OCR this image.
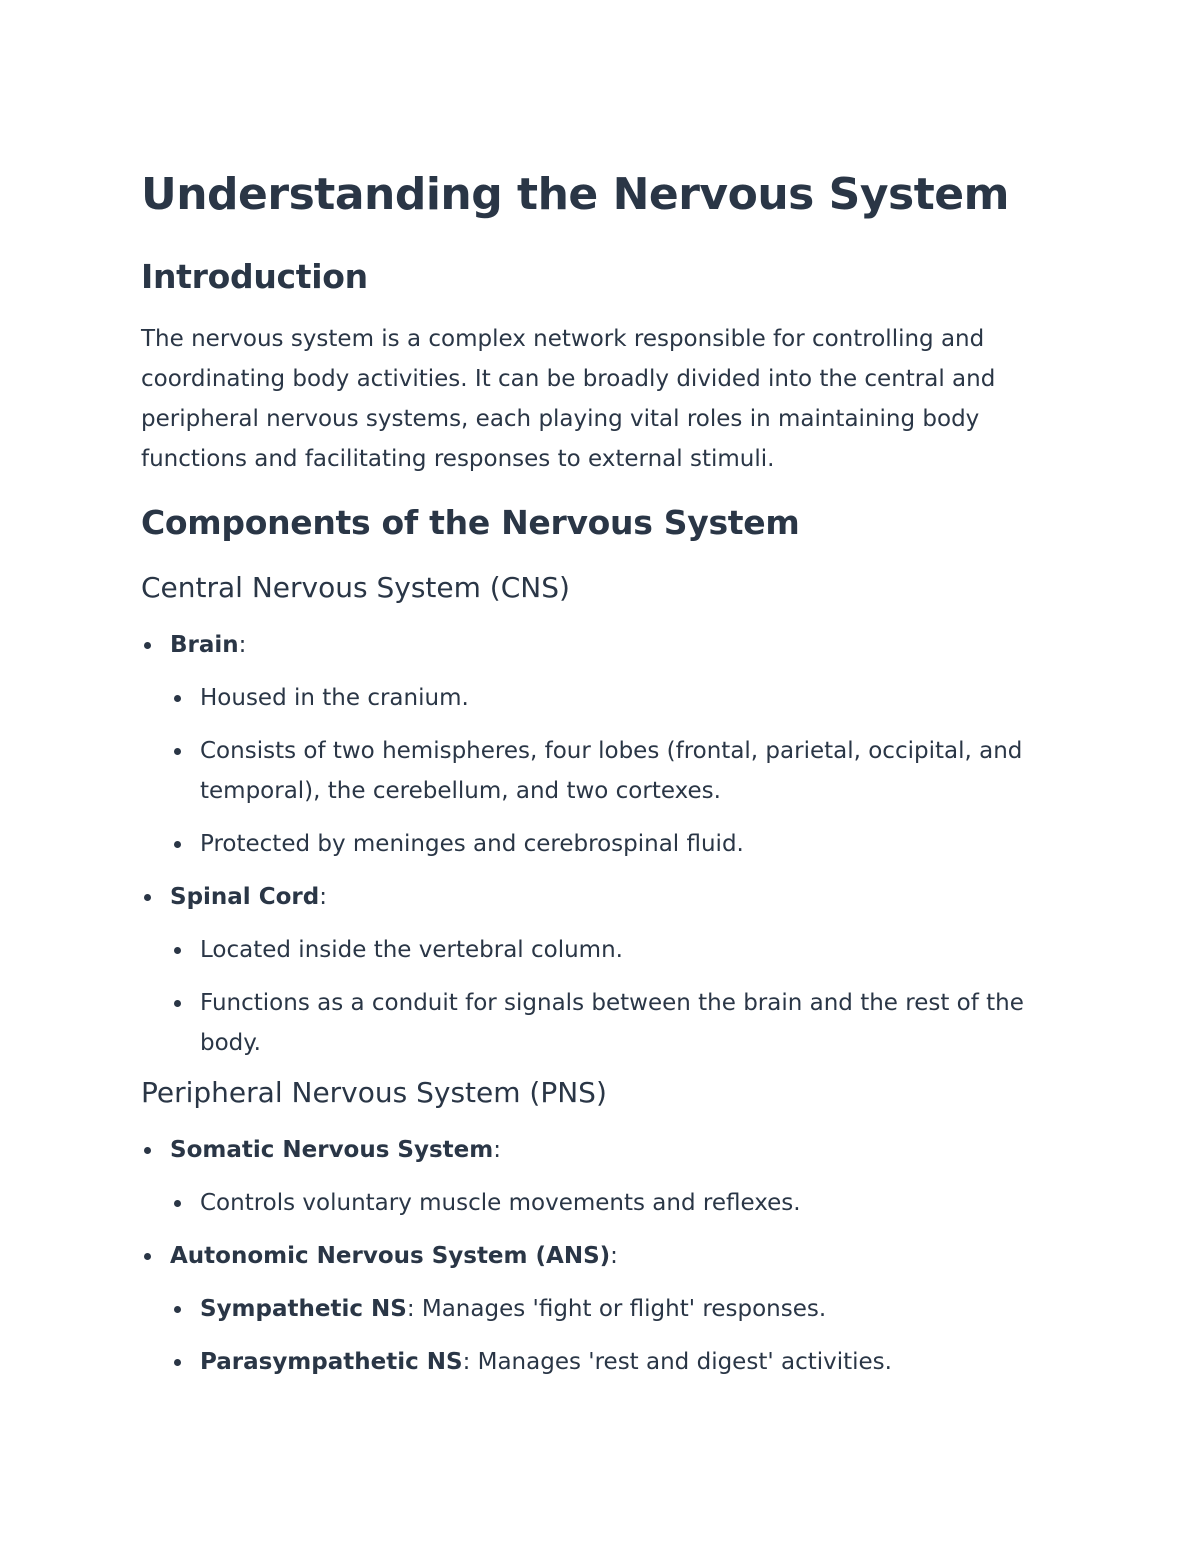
Understanding the Nervous System
Introduction

The nervous system is a complex network responsible for controlling and coordinating body activities. It can be broadly divided into the central and peripheral nervous systems, each playing vital roles in maintaining body functions and facilitating responses to external stimuli.

Components of the Nervous System
Central Nervous System (CNS)
Brain:
Housed in the cranium.
Consists of two hemispheres, four lobes (frontal, parietal, occipital, and temporal), the cerebellum, and two cortexes.
Protected by meninges and cerebrospinal fluid.
Spinal Cord:
Located inside the vertebral column.
Functions as a conduit for signals between the brain and the rest of the body.
Peripheral Nervous System (PNS)
Somatic Nervous System:
Controls voluntary muscle movements and reflexes.
Autonomic Nervous System (ANS):
Sympathetic NS: Manages 'fight or flight' responses.
Parasympathetic NS: Manages 'rest and digest' activities.
